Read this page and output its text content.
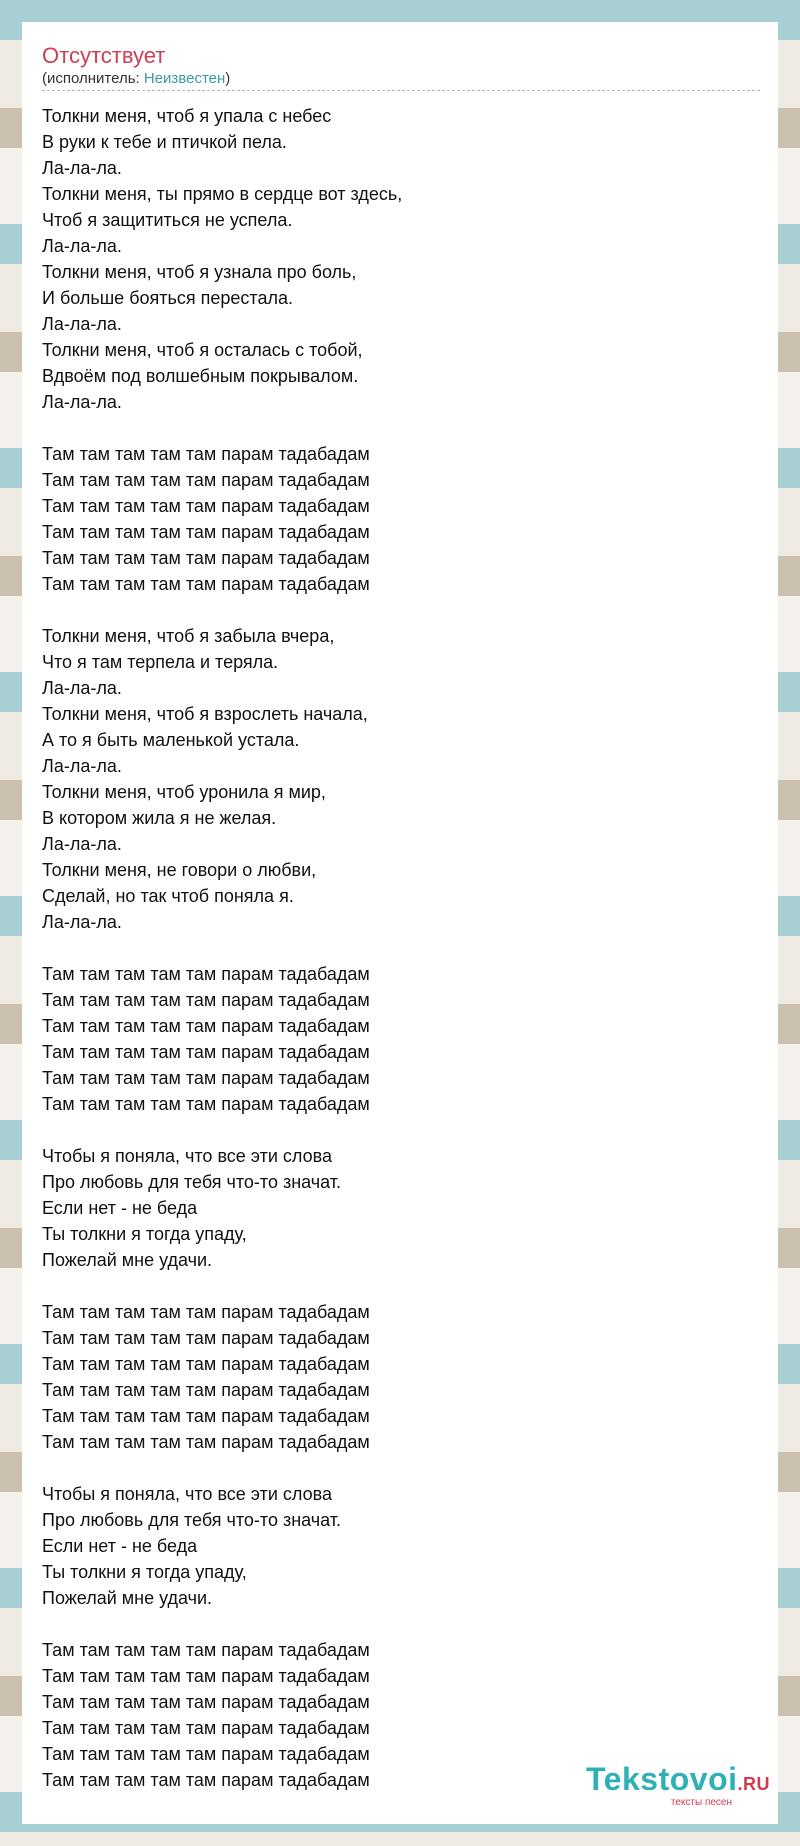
Отсутствует
(исполнитель: Неизвестен)
Толкни меня, чтоб я упала с небес
В руки к тебе и птичкой пела.
Ла-ла-ла.
Толкни меня, ты прямо в сердце вот здесь,
Чтоб я защититься не успела.
Ла-ла-ла.
Толкни меня, чтоб я узнала про боль,
И больше бояться перестала.
Ла-ла-ла.
Толкни меня, чтоб я осталась с тобой,
Вдвоём под волшебным покрывалом.
Ла-ла-ла.
Там там там там там парам тадабадам
Там там там там там парам тадабадам
Там там там там там парам тадабадам
Там там там там там парам тадабадам
Там там там там там парам тадабадам
Там там там там там парам тадабадам
Толкни меня, чтоб я забыла вчера,
Что я там терпела и теряла.
Ла-ла-ла.
Толкни меня, чтоб я взрослеть начала,
А то я быть маленькой устала.
Ла-ла-ла.
Толкни меня, чтоб уронила я мир,
В котором жила я не желая.
Ла-ла-ла.
Толкни меня, не говори о любви,
Сделай, но так чтоб поняла я.
Ла-ла-ла.
Там там там там там парам тадабадам
Там там там там там парам тадабадам
Там там там там там парам тадабадам
Там там там там там парам тадабадам
Там там там там там парам тадабадам
Там там там там там парам тадабадам
Чтобы я поняла, что все эти слова
Про любовь для тебя что-то значат.
Если нет - не беда
Ты толкни я тогда упаду,
Пожелай мне удачи.
Там там там там там парам тадабадам
Там там там там там парам тадабадам
Там там там там там парам тадабадам
Там там там там там парам тадабадам
Там там там там там парам тадабадам
Там там там там там парам тадабадам
Чтобы я поняла, что все эти слова
Про любовь для тебя что-то значат.
Если нет - не беда
Ты толкни я тогда упаду,
Пожелай мне удачи.
Там там там там там парам тадабадам
Там там там там там парам тадабадам
Там там там там там парам тадабадам
Там там там там там парам тадабадам
Там там там там там парам тадабадам
Там там там там там парам тадабадам	Tekstovoi.RU
тексты песен
